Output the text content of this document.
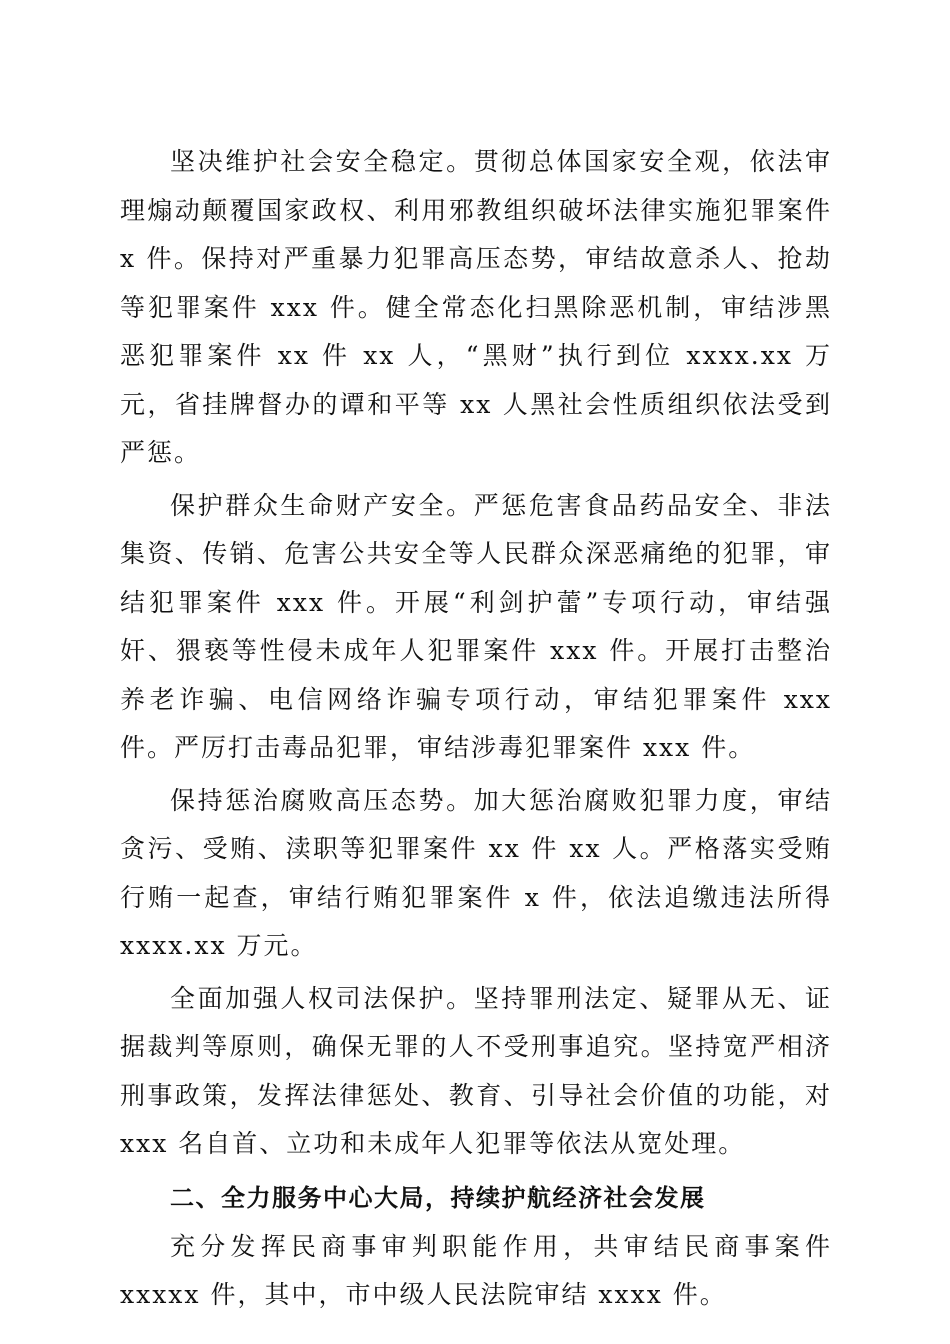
坚决维护社会安全稳定。贯彻总体国家安全观，依法审理煽动颠覆国家政权、利用邪教组织破坏法律实施犯罪案件 x 件。保持对严重暴力犯罪高压态势，审结故意杀人、抢劫等犯罪案件 xxx 件。健全常态化扫黑除恶机制，审结涉黑恶犯罪案件 xx 件 xx 人，“黑财”执行到位 xxxx.xx 万元，省挂牌督办的谭和平等 xx 人黑社会性质组织依法受到严惩。

保护群众生命财产安全。严惩危害食品药品安全、非法集资、传销、危害公共安全等人民群众深恶痛绝的犯罪，审结犯罪案件 xxx 件。开展“利剑护蕾”专项行动，审结强奸、猥亵等性侵未成年人犯罪案件 xxx 件。开展打击整治养老诈骗、电信网络诈骗专项行动，审结犯罪案件 xxx 件。严厉打击毒品犯罪，审结涉毒犯罪案件 xxx 件。

保持惩治腐败高压态势。加大惩治腐败犯罪力度，审结贪污、受贿、渎职等犯罪案件 xx 件 xx 人。严格落实受贿行贿一起查，审结行贿犯罪案件 x 件，依法追缴违法所得 xxxx.xx 万元。

全面加强人权司法保护。坚持罪刑法定、疑罪从无、证据裁判等原则，确保无罪的人不受刑事追究。坚持宽严相济刑事政策，发挥法律惩处、教育、引导社会价值的功能，对 xxx 名自首、立功和未成年人犯罪等依法从宽处理。

二、全力服务中心大局，持续护航经济社会发展

充分发挥民商事审判职能作用，共审结民商事案件 xxxxx 件，其中，市中级人民法院审结 xxxx 件。
